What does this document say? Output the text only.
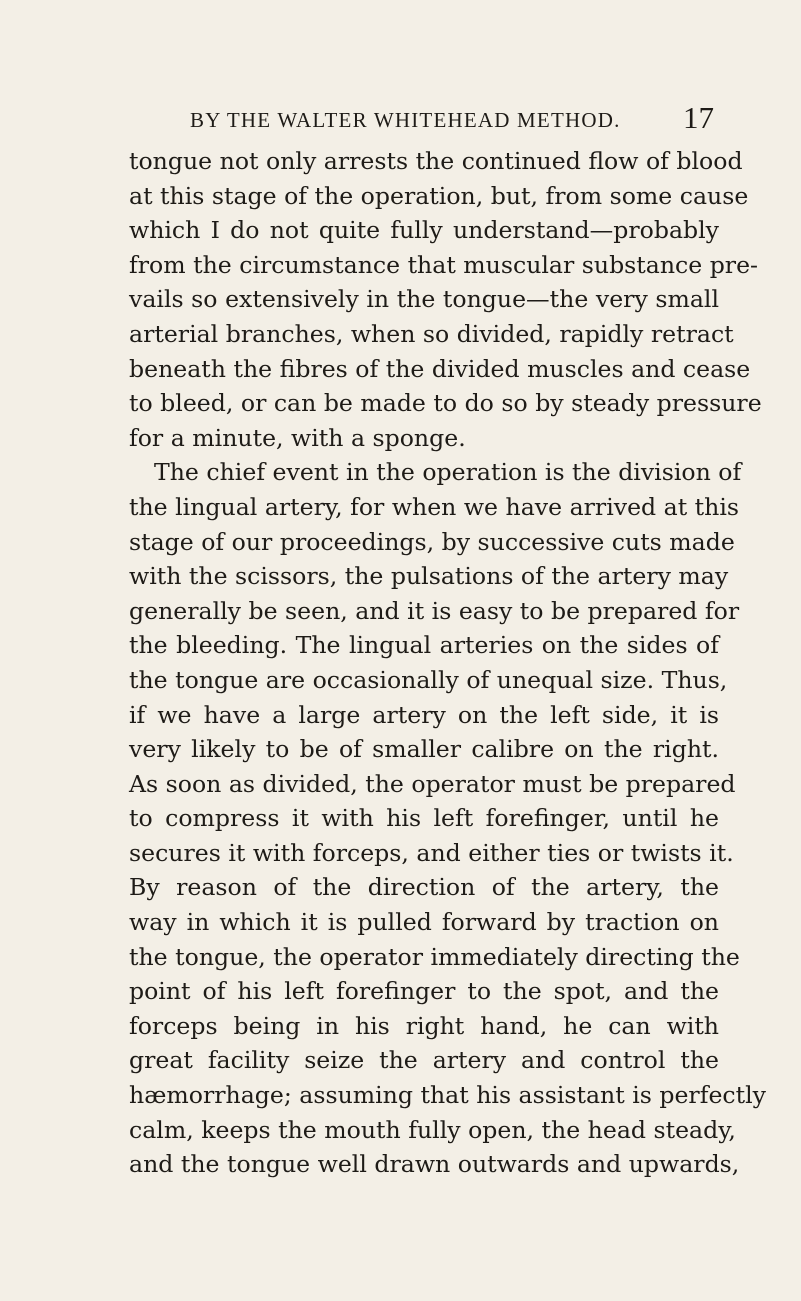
BY THE WALTER WHITEHEAD METHOD. 17
tongue not only arrests the continued flow of blood
at this stage of the operation, but, from some cause
which I do not quite fully understand—probably
from the circumstance that muscular substance pre-
vails so extensively in the tongue—the very small
arterial branches, when so divided, rapidly retract
beneath the fibres of the divided muscles and cease
to bleed, or can be made to do so by steady pressure
for a minute, with a sponge.
The chief event in the operation is the division of
the lingual artery, for when we have arrived at this
stage of our proceedings, by successive cuts made
with the scissors, the pulsations of the artery may
generally be seen, and it is easy to be prepared for
the bleeding. The lingual arteries on the sides of
the tongue are occasionally of unequal size. Thus,
if we have a large artery on the left side, it is
very likely to be of smaller calibre on the right.
As soon as divided, the operator must be prepared
to compress it with his left forefinger, until he
secures it with forceps, and either ties or twists it.
By reason of the direction of the artery, the
way in which it is pulled forward by traction on
the tongue, the operator immediately directing the
point of his left forefinger to the spot, and the
forceps being in his right hand, he can with
great facility seize the artery and control the
hæmorrhage; assuming that his assistant is perfectly
calm, keeps the mouth fully open, the head steady,
and the tongue well drawn outwards and upwards,
